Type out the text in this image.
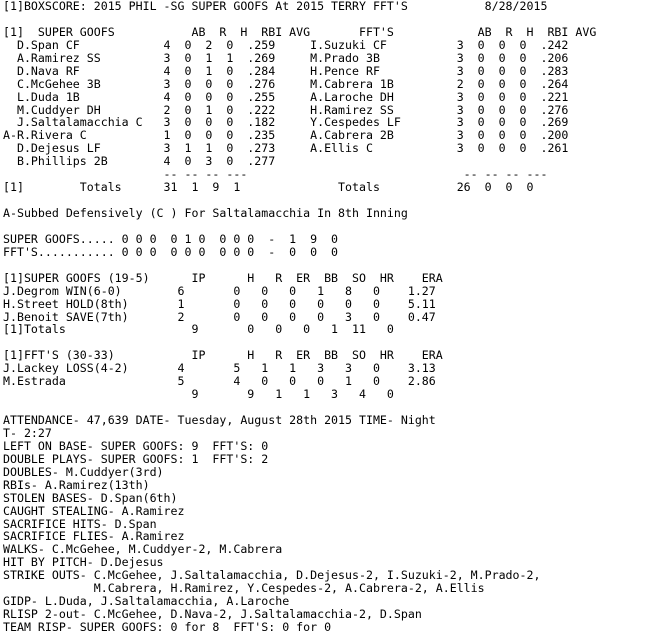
[1]BOXSCORE: 2015 PHIL -SG SUPER GOOFS At 2015 TERRY FFT'S           8/28/2015
[1]  SUPER GOOFS           AB  R  H  RBI AVG       FFT'S            AB  R  H  RBI AVG
D.Span CF            4  0  2  0  .259     I.Suzuki CF          3  0  0  0  .242
A.Ramirez SS         3  0  1  1  .269     M.Prado 3B           3  0  0  0  .206
D.Nava RF            4  0  1  0  .284     H.Pence RF           3  0  0  0  .283
C.McGehee 3B         3  0  0  0  .276     M.Cabrera 1B         2  0  0  0  .264
L.Duda 1B            4  0  0  0  .255     A.Laroche DH         3  0  0  0  .221
M.Cuddyer DH         2  0  1  0  .222     H.Ramirez SS         3  0  0  0  .276
J.Saltalamacchia C   3  0  0  0  .182     Y.Cespedes LF        3  0  0  0  .269
A-R.Rivera C           1  0  0  0  .235     A.Cabrera 2B         3  0  0  0  .200
D.Dejesus LF         3  1  1  0  .273     A.Ellis C            3  0  0  0  .261
B.Phillips 2B        4  0  3  0  .277
-- -- -- ---                               -- -- -- ---
[1]        Totals      31  1  9  1              Totals           26  0  0  0
A-Subbed Defensively (C ) For Saltalamacchia In 8th Inning
SUPER GOOFS..... 0 0 0  0 1 0  0 0 0  -  1  9  0
FFT'S........... 0 0 0  0 0 0  0 0 0  -  0  0  0
[1]SUPER GOOFS (19-5)      IP      H   R  ER  BB  SO  HR    ERA
J.Degrom WIN(6-0)        6       0   0   0   1   8   0    1.27
H.Street HOLD(8th)       1       0   0   0   0   0   0    5.11
J.Benoit SAVE(7th)       2       0   0   0   0   3   0    0.47
[1]Totals                  9       0   0   0   1  11   0
[1]FFT'S (30-33)           IP      H   R  ER  BB  SO  HR    ERA
J.Lackey LOSS(4-2)       4       5   1   1   3   3   0    3.13
M.Estrada                5       4   0   0   0   1   0    2.86
9       9   1   1   3   4   0
ATTENDANCE- 47,639 DATE- Tuesday, August 28th 2015 TIME- Night
T- 2:27
LEFT ON BASE- SUPER GOOFS: 9  FFT'S: 0
DOUBLE PLAYS- SUPER GOOFS: 1  FFT'S: 2
DOUBLES- M.Cuddyer(3rd)
RBIs- A.Ramirez(13th)
STOLEN BASES- D.Span(6th)
CAUGHT STEALING- A.Ramirez
SACRIFICE HITS- D.Span
SACRIFICE FLIES- A.Ramirez
WALKS- C.McGehee, M.Cuddyer-2, M.Cabrera
HIT BY PITCH- D.Dejesus
STRIKE OUTS- C.McGehee, J.Saltalamacchia, D.Dejesus-2, I.Suzuki-2, M.Prado-2,
M.Cabrera, H.Ramirez, Y.Cespedes-2, A.Cabrera-2, A.Ellis
GIDP- L.Duda, J.Saltalamacchia, A.Laroche
RLISP 2-out- C.McGehee, D.Nava-2, J.Saltalamacchia-2, D.Span
TEAM RISP- SUPER GOOFS: 0 for 8  FFT'S: 0 for 0
